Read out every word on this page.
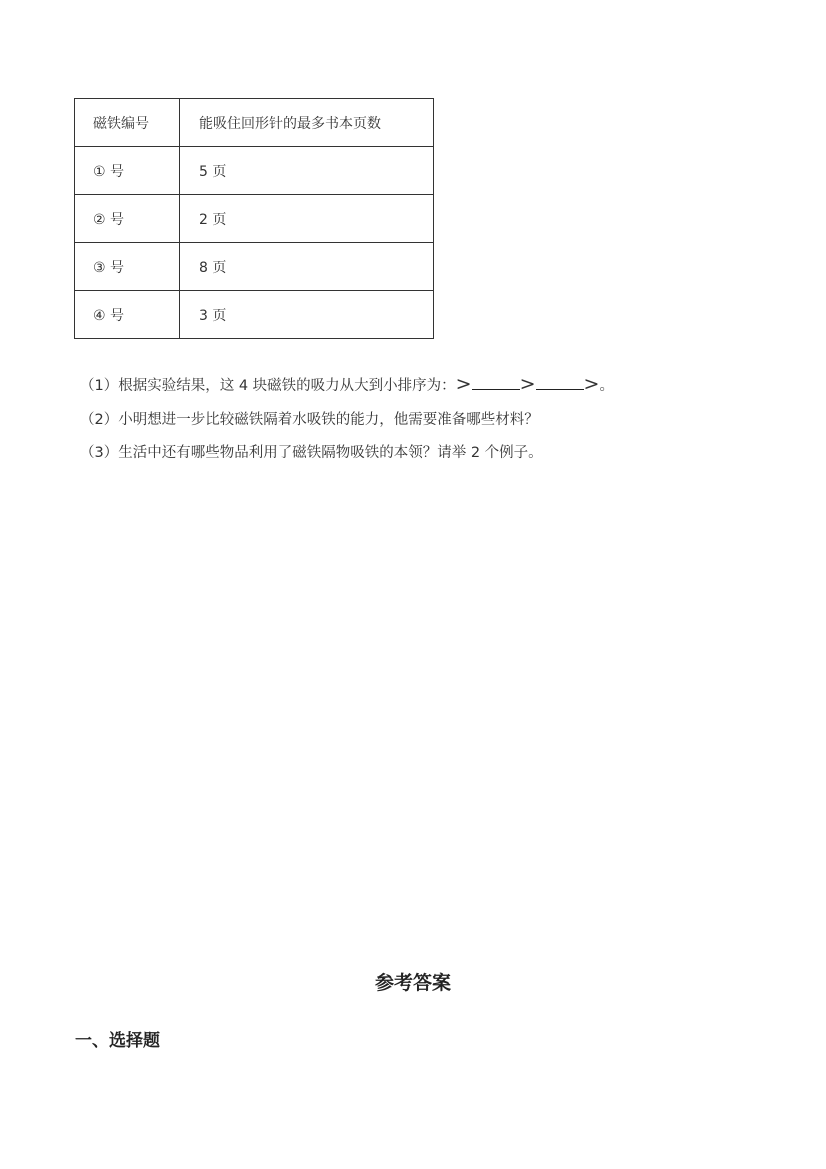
磁铁编号	能吸住回形针的最多书本页数
① 号	5 页
② 号	2 页
③ 号	8 页
④ 号	3 页
（1）根据实验结果，这 4 块磁铁的吸力从大到小排序为：>	>	>。
（2）小明想进一步比较磁铁隔着水吸铁的能力，他需要准备哪些材料？
（3）生活中还有哪些物品利用了磁铁隔物吸铁的本领？请举 2 个例子。
参考答案
一、选择题
